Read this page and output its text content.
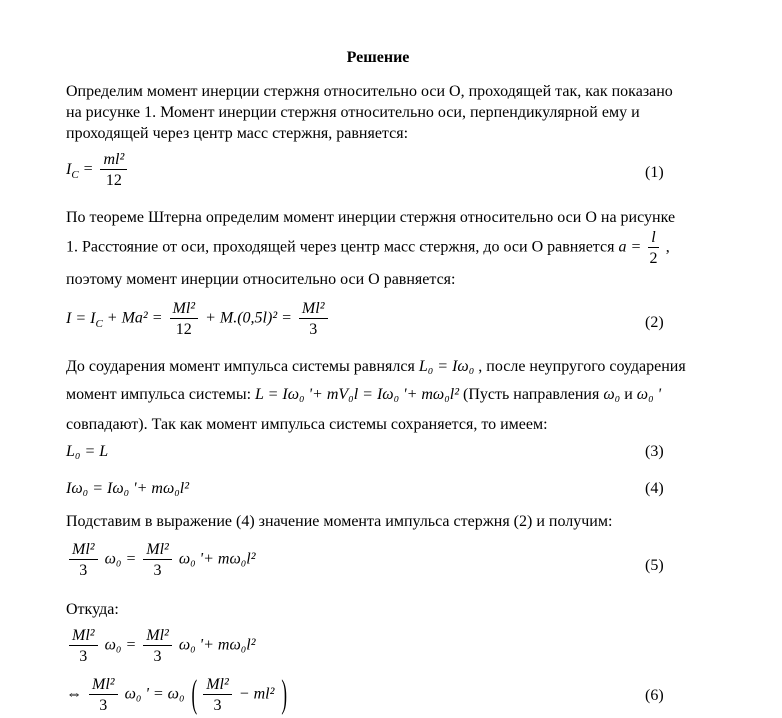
Решение
Определим момент инерции стержня относительно оси О, проходящей так, как показано
на рисунке 1. Момент инерции стержня относительно оси, перпендикулярной ему и
проходящей через центр масс стержня, равняется:
$I_C = \frac{\text{ml²}}{12}$	(1)
По теореме Штерна определим момент инерции стержня относительно оси О на рисунке
1. Расстояние от оси, проходящей через центр масс стержня, до оси О равняется $a = \frac{l}{2}$ ,
поэтому момент инерции относительно оси О равняется:
$I = I_C + Ma^2 = \frac{\text{Ml²}}{12} + M.(0,5l)^2 = \frac{\text{Ml²}}{3}$	(2)
До соударения момент импульса системы равнялся L₀ = Iω₀ , после неупругого соударения
момент импульса системы: L = Iω₀ '+ mV₀l = Iω₀ '+ mω₀l² (Пусть направления ω₀ и ω₀ '
совпадают). Так как момент импульса системы сохраняется, то имеем:
L₀ = L	(3)
Iω₀ = Iω₀ '+ mω₀l²	(4)
Подставим в выражение (4) значение момента импульса стержня (2) и получим:
$\frac{\text{Ml²}}{3} \omega_0 = \frac{\text{Ml²}}{3} \omega_0$ '+ mω₀l²	(5)
Откуда:
$\frac{\text{Ml²}}{3} \omega_0 = \frac{\text{Ml²}}{3} \omega_0$ '+ mω₀l²
⇔ $\frac{\text{Ml²}}{3} \omega_0$ ' = ω₀ ( $\frac{\text{Ml²}}{3} - ml^2$ )	(6)
